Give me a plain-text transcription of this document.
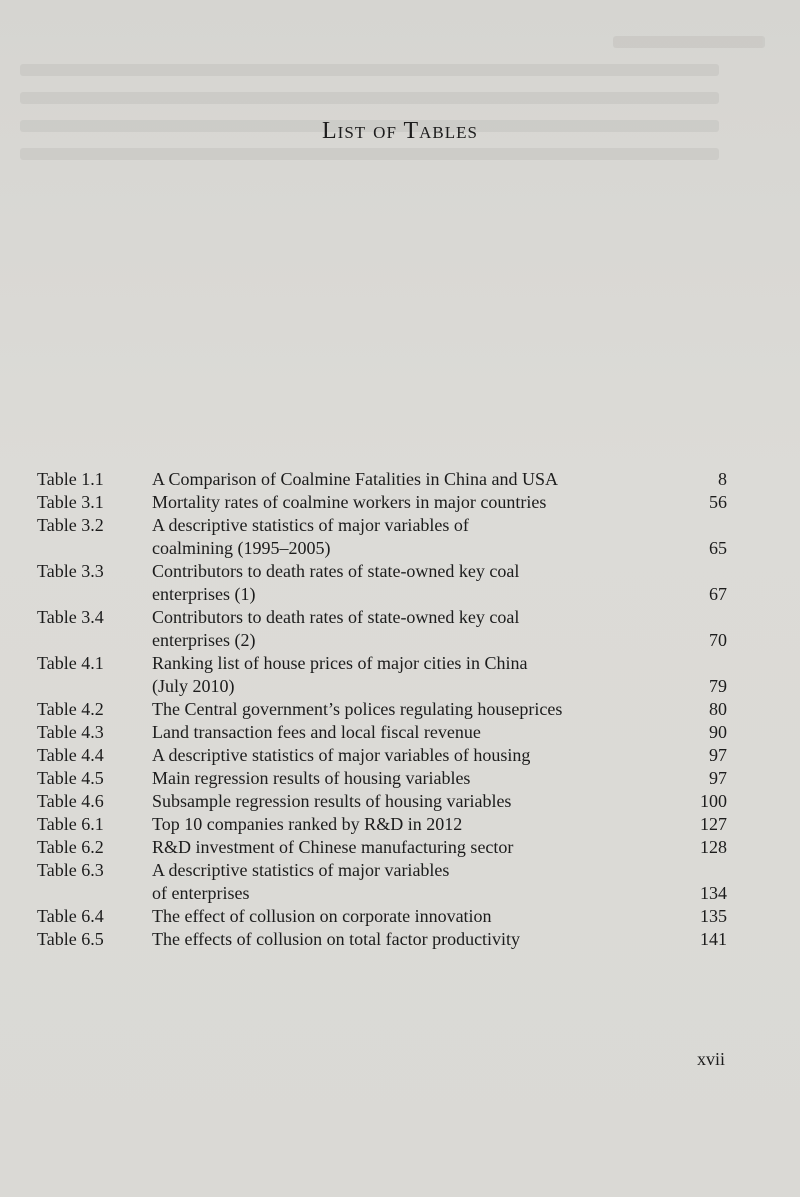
List of Tables
Table 1.1	A Comparison of Coalmine Fatalities in China and USA	8
Table 3.1	Mortality rates of coalmine workers in major countries	56
Table 3.2	A descriptive statistics of major variables of
coalmining (1995–2005)	65
Table 3.3	Contributors to death rates of state-owned key coal
enterprises (1)	67
Table 3.4	Contributors to death rates of state-owned key coal
enterprises (2)	70
Table 4.1	Ranking list of house prices of major cities in China
(July 2010)	79
Table 4.2	The Central government’s polices regulating houseprices	80
Table 4.3	Land transaction fees and local fiscal revenue	90
Table 4.4	A descriptive statistics of major variables of housing	97
Table 4.5	Main regression results of housing variables	97
Table 4.6	Subsample regression results of housing variables	100
Table 6.1	Top 10 companies ranked by R&D in 2012	127
Table 6.2	R&D investment of Chinese manufacturing sector	128
Table 6.3	A descriptive statistics of major variables
of enterprises	134
Table 6.4	The effect of collusion on corporate innovation	135
Table 6.5	The effects of collusion on total factor productivity	141
xvii
